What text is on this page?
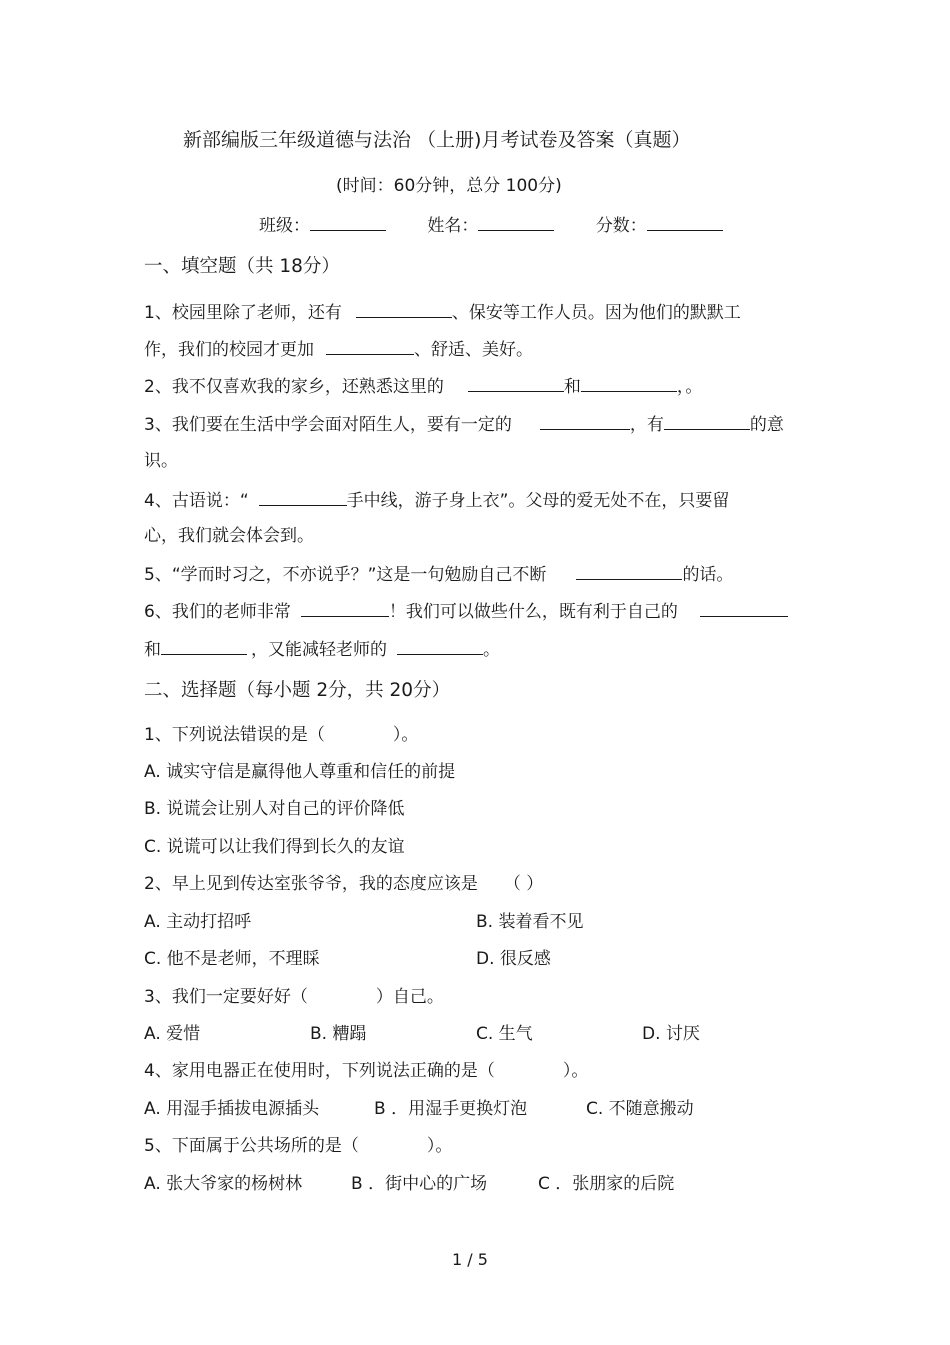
新部编版三年级道德与法治 （上册)月考试卷及答案（真题）
(时间：60分钟，总分 100分)
班级：	姓名：	分数：
一、填空题（共 18分）
1、校园里除了老师，还有	、保安等工作人员。因为他们的默默工
作，我们的校园才更加	、舒适、美好。
2、我不仅喜欢我的家乡，还熟悉这里的	和	，。
3、我们要在生活中学会面对陌生人，要有一定的	，有	的意
识。
4、古语说：“	手中线，游子身上衣”。父母的爱无处不在，只要留
心，我们就会体会到。
5、“学而时习之，不亦说乎？”这是一句勉励自己不断	的话。
6、我们的老师非常	！我们可以做些什么，既有利于自己的
和	，又能减轻老师的	。
二、选择题（每小题 2分，共 20分）
1、下列说法错误的是（　　　　）。
A. 诚实守信是赢得他人尊重和信任的前提
B. 说谎会让别人对自己的评价降低
C. 说谎可以让我们得到长久的友谊
2、早上见到传达室张爷爷，我的态度应该是 （ ）
A. 主动打招呼	B. 装着看不见
C. 他不是老师，不理睬	D. 很反感
3、我们一定要好好（　　　　）自己。
A. 爱惜	B. 糟蹋	C. 生气	D. 讨厌
4、家用电器正在使用时，下列说法正确的是（　　　　）。
A. 用湿手插拔电源插头	B ．用湿手更换灯泡	C. 不随意搬动
5、下面属于公共场所的是（　　　　）。
A. 张大爷家的杨树林	B ．街中心的广场	C ．张朋家的后院
1 / 5
